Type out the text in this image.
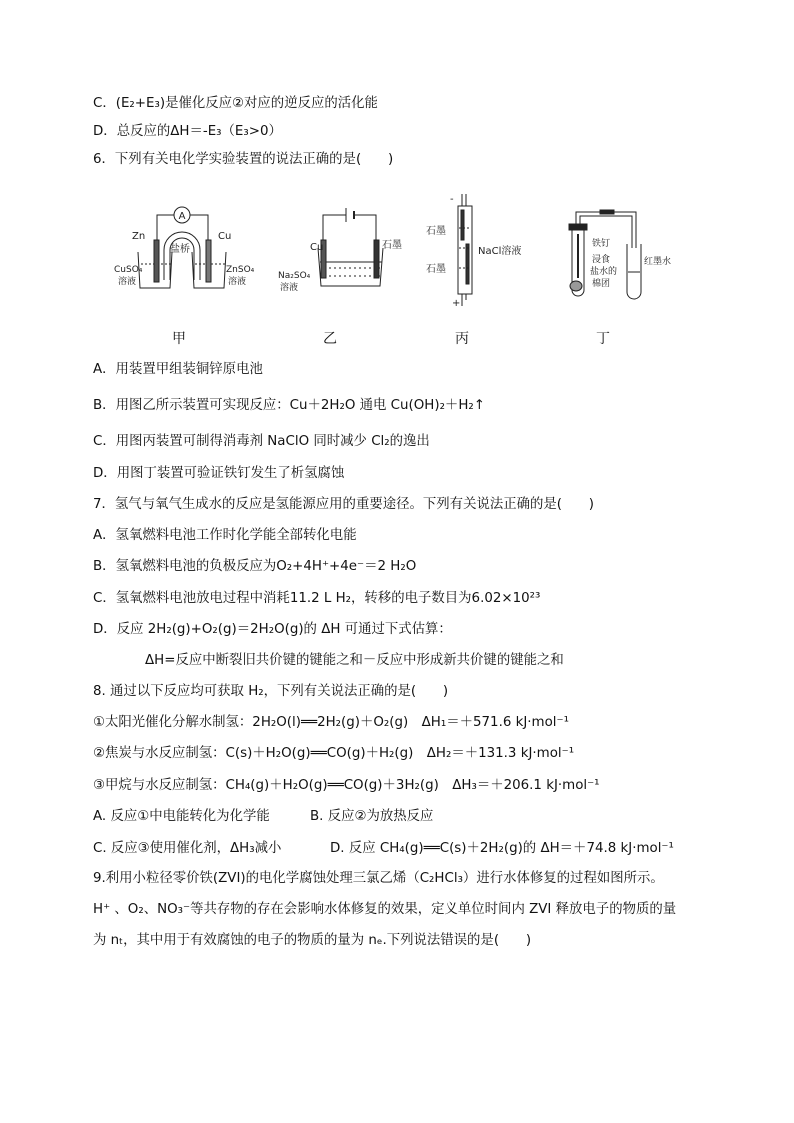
C．(E₂+E₃)是催化反应②对应的逆反应的活化能
D．总反应的ΔH＝-E₃（E₃>0）
6．下列有关电化学实验装置的说法正确的是(　　)
A
盐桥
Zn	Cu
CuSO₄
溶液
ZnSO₄
溶液
Cu	石墨
Na₂SO₄
溶液
-
+
石墨
石墨
NaCl溶液
铁钉
浸食
盐水的
棉团
红墨水
甲	乙	丙	丁
A．用装置甲组装铜锌原电池
B．用图乙所示装置可实现反应：Cu＋2H₂O 通电 Cu(OH)₂＋H₂↑
C．用图丙装置可制得消毒剂 NaClO 同时减少 Cl₂的逸出
D．用图丁装置可验证铁钉发生了析氢腐蚀
7．氢气与氧气生成水的反应是氢能源应用的重要途径。下列有关说法正确的是(　　)
A．氢氧燃料电池工作时化学能全部转化电能
B．氢氧燃料电池的负极反应为O₂+4H⁺+4e⁻＝2 H₂O
C．氢氧燃料电池放电过程中消耗11.2 L H₂，转移的电子数目为6.02×10²³
D．反应 2H₂(g)+O₂(g)＝2H₂O(g)的 ΔH 可通过下式估算：
ΔH=反应中断裂旧共价键的键能之和－反应中形成新共价键的键能之和
8. 通过以下反应均可获取 H₂，下列有关说法正确的是(　　)
①太阳光催化分解水制氢：2H₂O(l)══2H₂(g)＋O₂(g)　ΔH₁＝＋571.6 kJ·mol⁻¹
②焦炭与水反应制氢：C(s)＋H₂O(g)══CO(g)＋H₂(g)　ΔH₂＝＋131.3 kJ·mol⁻¹
③甲烷与水反应制氢：CH₄(g)＋H₂O(g)══CO(g)＋3H₂(g)　ΔH₃＝＋206.1 kJ·mol⁻¹
A. 反应①中电能转化为化学能	B. 反应②为放热反应
C. 反应③使用催化剂，ΔH₃减小	D. 反应 CH₄(g)══C(s)＋2H₂(g)的 ΔH＝＋74.8 kJ·mol⁻¹
9.利用小粒径零价铁(ZVI)的电化学腐蚀处理三氯乙烯（C₂HCl₃）进行水体修复的过程如图所示。
H⁺ 、O₂、NO₃⁻等共存物的存在会影响水体修复的效果，定义单位时间内 ZVI 释放电子的物质的量
为 nₜ，其中用于有效腐蚀的电子的物质的量为 nₑ.下列说法错误的是(　　)
